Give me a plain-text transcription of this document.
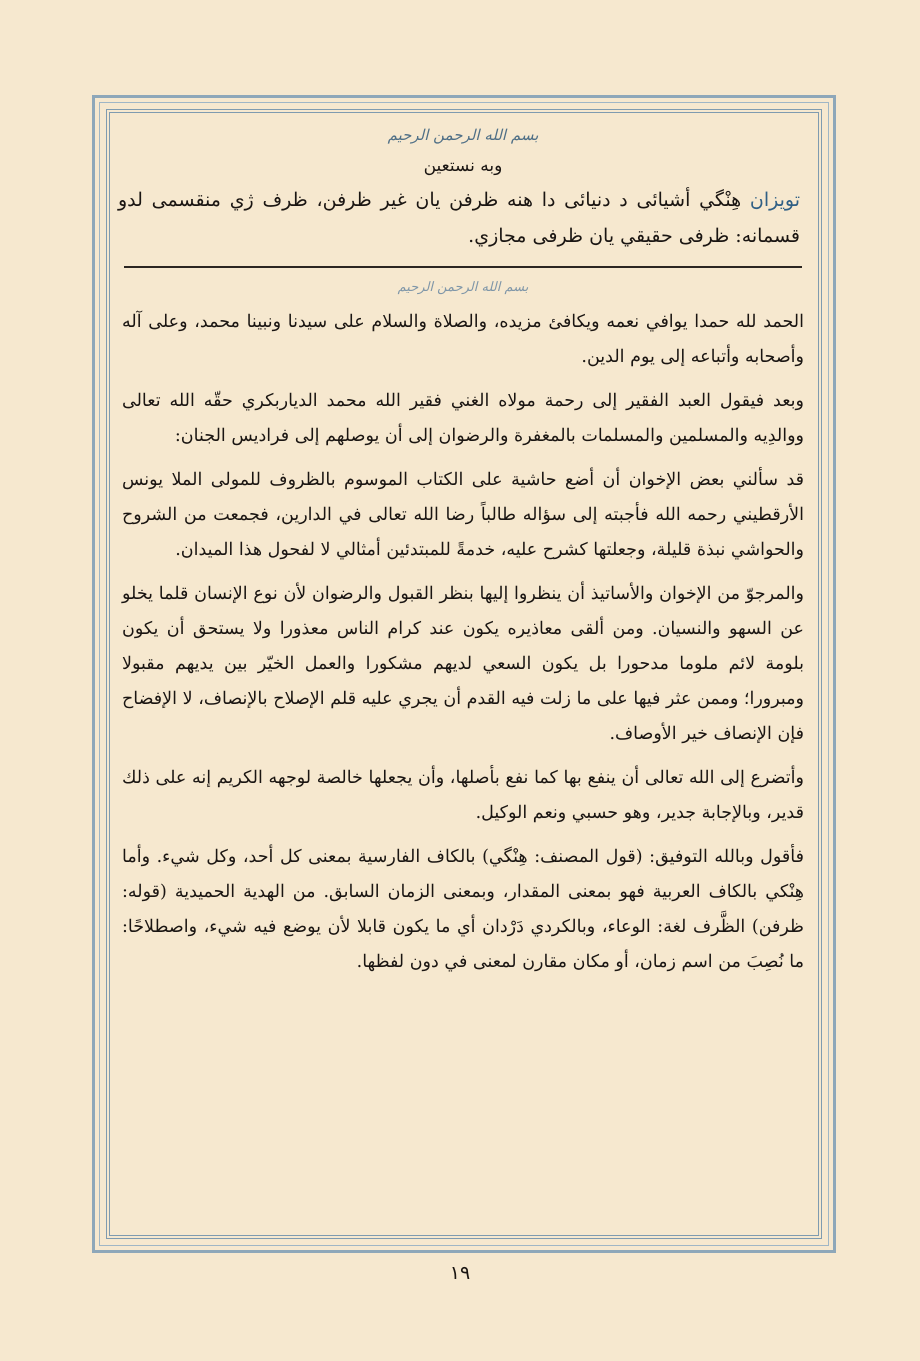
بسم الله الرحمن الرحيم
وبه نستعين

تویزان هِنْگي أشيائى د دنيائى دا هنه ظرفن يان غير ظرفن، ظرف ژي منقسمى لدو قسمانه: ظرفى حقيقي يان ظرفى مجازي.

بسم الله الرحمن الرحيم

الحمد لله حمدا يوافي نعمه ويكافئ مزيده، والصلاة والسلام على سيدنا ونبينا محمد، وعلى آله وأصحابه وأتباعه إلى يوم الدين.

وبعد فيقول العبد الفقير إلى رحمة مولاه الغني فقير الله محمد الدياربكري حقّه الله تعالى ووالدِيه والمسلمين والمسلمات بالمغفرة والرضوان إلى أن يوصلهم إلى فراديس الجنان:

قد سألني بعض الإخوان أن أضع حاشية على الكتاب الموسوم بالظروف للمولى الملا يونس الأرقطيني رحمه الله فأجبته إلى سؤاله طالباً رضا الله تعالى في الدارين، فجمعت من الشروح والحواشي نبذة قليلة، وجعلتها كشرح عليه، خدمةً للمبتدئين أمثالي لا لفحول هذا الميدان.

والمرجوّ من الإخوان والأساتيذ أن ينظروا إليها بنظر القبول والرضوان لأن نوع الإنسان قلما يخلو عن السهو والنسيان. ومن ألقى معاذيره يكون عند كرام الناس معذورا ولا يستحق أن يكون بلومة لائم ملوما مدحورا بل يكون السعي لديهم مشكورا والعمل الخيّر بين يديهم مقبولا ومبرورا؛ وممن عثر فيها على ما زلت فيه القدم أن يجري عليه قلم الإصلاح بالإنصاف، لا الإفضاح فإن الإنصاف خير الأوصاف.

وأتضرع إلى الله تعالى أن ينفع بها كما نفع بأصلها، وأن يجعلها خالصة لوجهه الكريم إنه على ذلك قدير، وبالإجابة جدير، وهو حسبي ونعم الوكيل.

فأقول وبالله التوفيق: (قول المصنف: هِنْگي) بالكاف الفارسية بمعنى كل أحد، وكل شيء. وأما هِنْكي بالكاف العربية فهو بمعنى المقدار، وبمعنى الزمان السابق. من الهدية الحميدية (قوله: ظرفن) الظَّرف لغة: الوعاء، وبالكردي دَرْدان أي ما يكون قابلا لأن يوضع فيه شيء، واصطلاحًا: ما نُصِبَ من اسم زمان، أو مكان مقارن لمعنى في دون لفظها.

١٩
